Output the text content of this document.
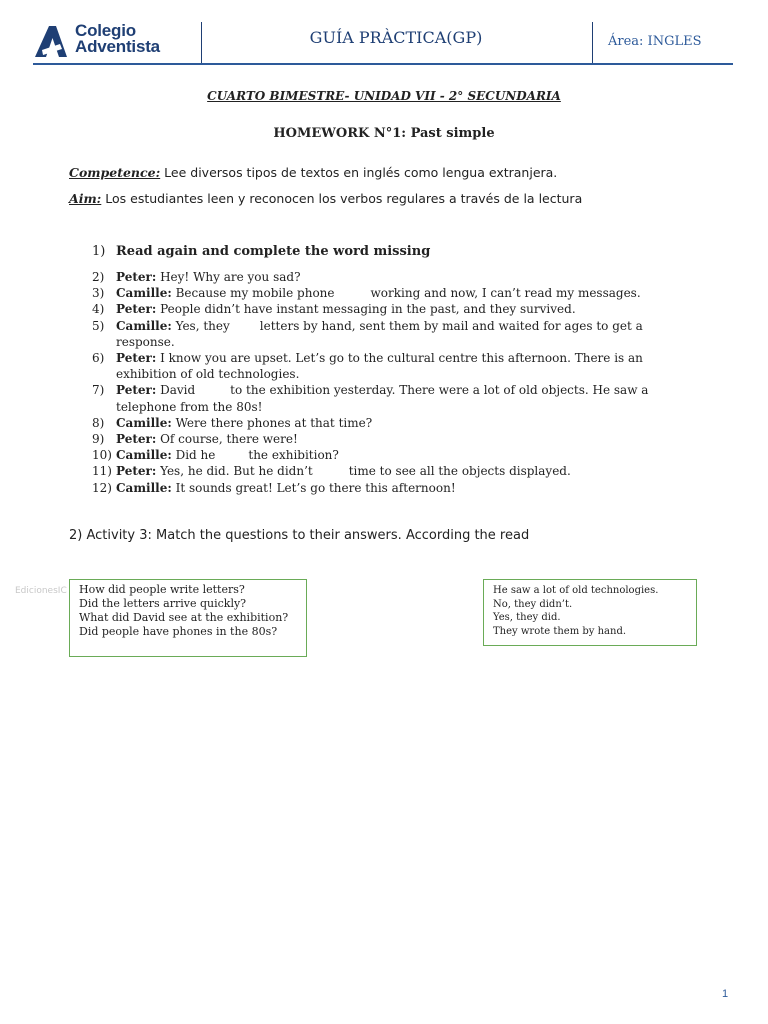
Colegio
Adventista	GUÍA PRÀCTICA(GP)	Área: INGLES
CUARTO BIMESTRE- UNIDAD VII - 2° SECUNDARIA
HOMEWORK N°1: Past simple
Competence: Lee diversos tipos de textos en inglés como lengua extranjera.
Aim: Los estudiantes leen y reconocen los verbos regulares a través de la lectura
1) Read again and complete the word missing
2) Peter: Hey! Why are you sad?
3) Camille: Because my mobile phone	working and now, I can’t read my messages.
4) Peter: People didn’t have instant messaging in the past, and they survived.
5) Camille: Yes, they	letters by hand, sent them by mail and waited for ages to get a response.
6) Peter: I know you are upset. Let’s go to the cultural centre this afternoon. There is an exhibition of old technologies.
7) Peter: David	to the exhibition yesterday. There were a lot of old objects. He saw a telephone from the 80s!
8) Camille: Were there phones at that time?
9) Peter: Of course, there were!
10) Camille: Did he	the exhibition?
11) Peter: Yes, he did. But he didn’t	time to see all the objects displayed.
12) Camille: It sounds great! Let’s go there this afternoon!
2) Activity 3: Match the questions to their answers. According the read
EdicionesIC How did people write letters?
Did the letters arrive quickly?
What did David see at the exhibition?
Did people have phones in the 80s?
He saw a lot of old technologies.
No, they didn’t.
Yes, they did.
They wrote them by hand.
1
